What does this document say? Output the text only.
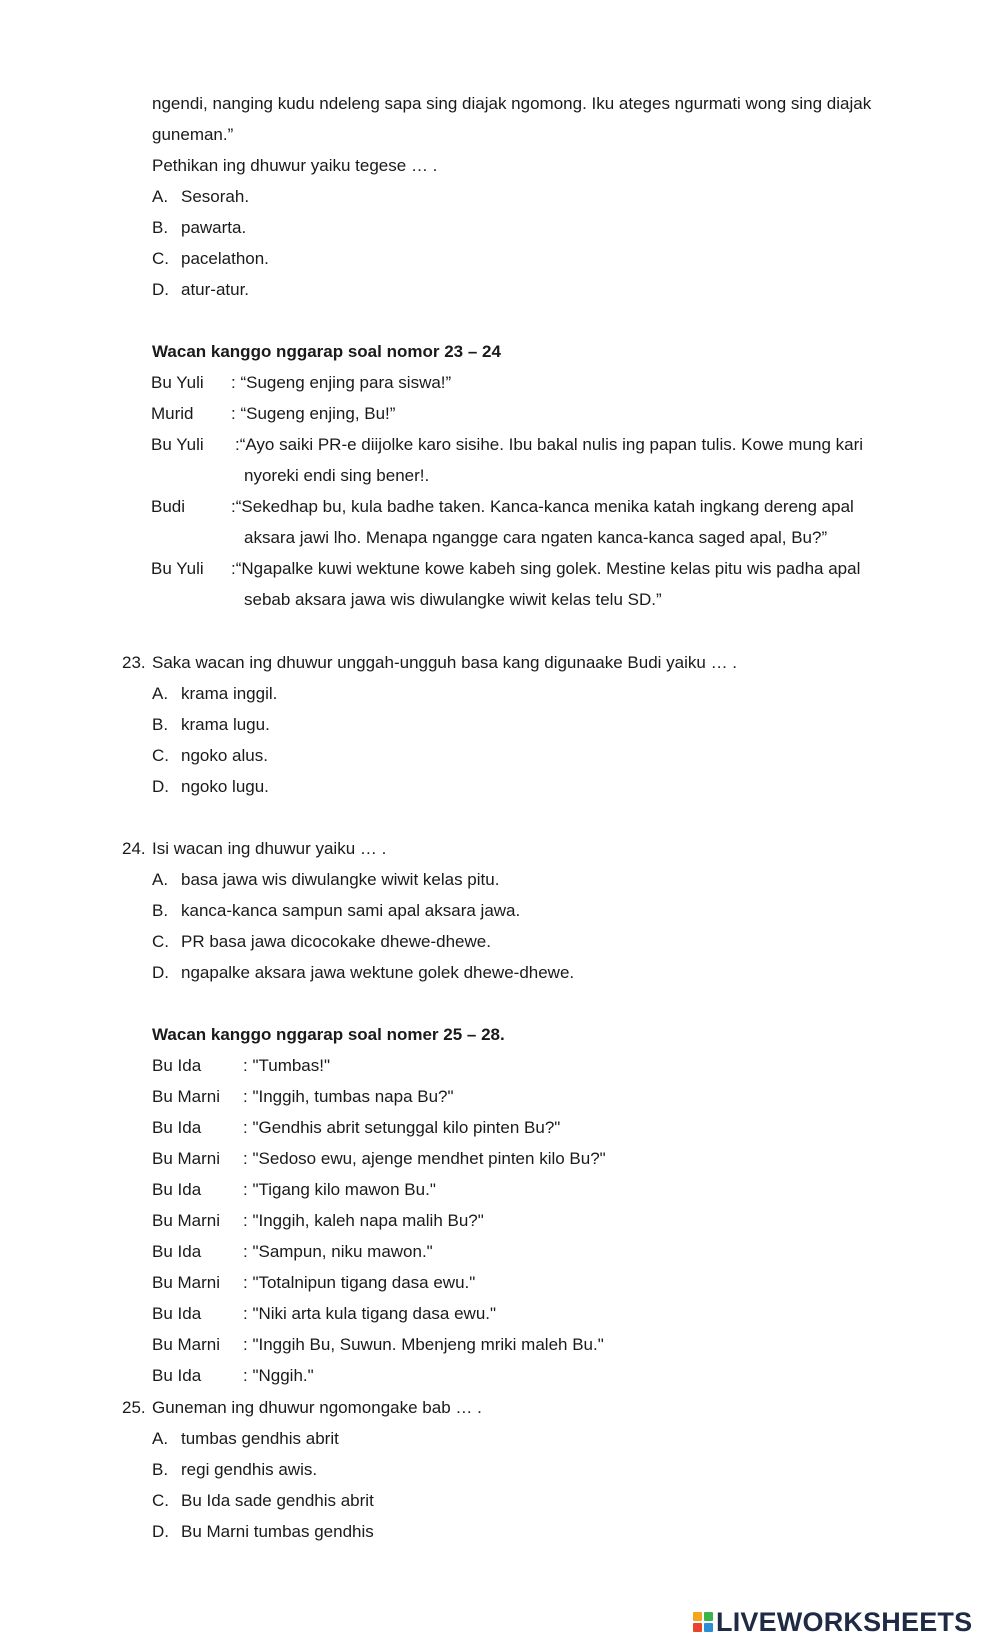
ngendi, nanging kudu ndeleng sapa sing diajak ngomong. Iku ateges ngurmati wong sing diajak
guneman.”
Pethikan ing dhuwur yaiku tegese … .
A. Sesorah.
B. pawarta.
C. pacelathon.
D. atur-atur.
Wacan kanggo nggarap soal nomor 23 – 24
Bu Yuli : “Sugeng enjing para siswa!”
Murid : “Sugeng enjing, Bu!”
Bu Yuli :“Ayo saiki PR-e diijolke karo sisihe. Ibu bakal nulis ing papan tulis. Kowe mung kari
nyoreki endi sing bener!.
Budi	:“Sekedhap bu, kula badhe taken. Kanca-kanca menika katah ingkang dereng apal
aksara jawi lho. Menapa ngangge cara ngaten kanca-kanca saged apal, Bu?”
Bu Yuli :“Ngapalke kuwi wektune kowe kabeh sing golek. Mestine kelas pitu wis padha apal
sebab aksara jawa wis diwulangke wiwit kelas telu SD.”
23. Saka wacan ing dhuwur unggah-ungguh basa kang digunaake Budi yaiku … .
A. krama inggil.
B. krama lugu.
C. ngoko alus.
D. ngoko lugu.
24. Isi wacan ing dhuwur yaiku … .
A. basa jawa wis diwulangke wiwit kelas pitu.
B. kanca-kanca sampun sami apal aksara jawa.
C. PR basa jawa dicocokake dhewe-dhewe.
D. ngapalke aksara jawa wektune golek dhewe-dhewe.
Wacan kanggo nggarap soal nomer 25 – 28.
Bu Ida : "Tumbas!"
Bu Marni : "Inggih, tumbas napa Bu?"
Bu Ida : "Gendhis abrit setunggal kilo pinten Bu?"
Bu Marni : "Sedoso ewu, ajenge mendhet pinten kilo Bu?"
Bu Ida : "Tigang kilo mawon Bu."
Bu Marni : "Inggih, kaleh napa malih Bu?"
Bu Ida : "Sampun, niku mawon."
Bu Marni : "Totalnipun tigang dasa ewu."
Bu Ida : "Niki arta kula tigang dasa ewu."
Bu Marni : "Inggih Bu, Suwun. Mbenjeng mriki maleh Bu."
Bu Ida : "Nggih."
25. Guneman ing dhuwur ngomongake bab … .
A. tumbas gendhis abrit
B. regi gendhis awis.
C. Bu Ida sade gendhis abrit
D. Bu Marni tumbas gendhis
LIVEWORKSHEETS
